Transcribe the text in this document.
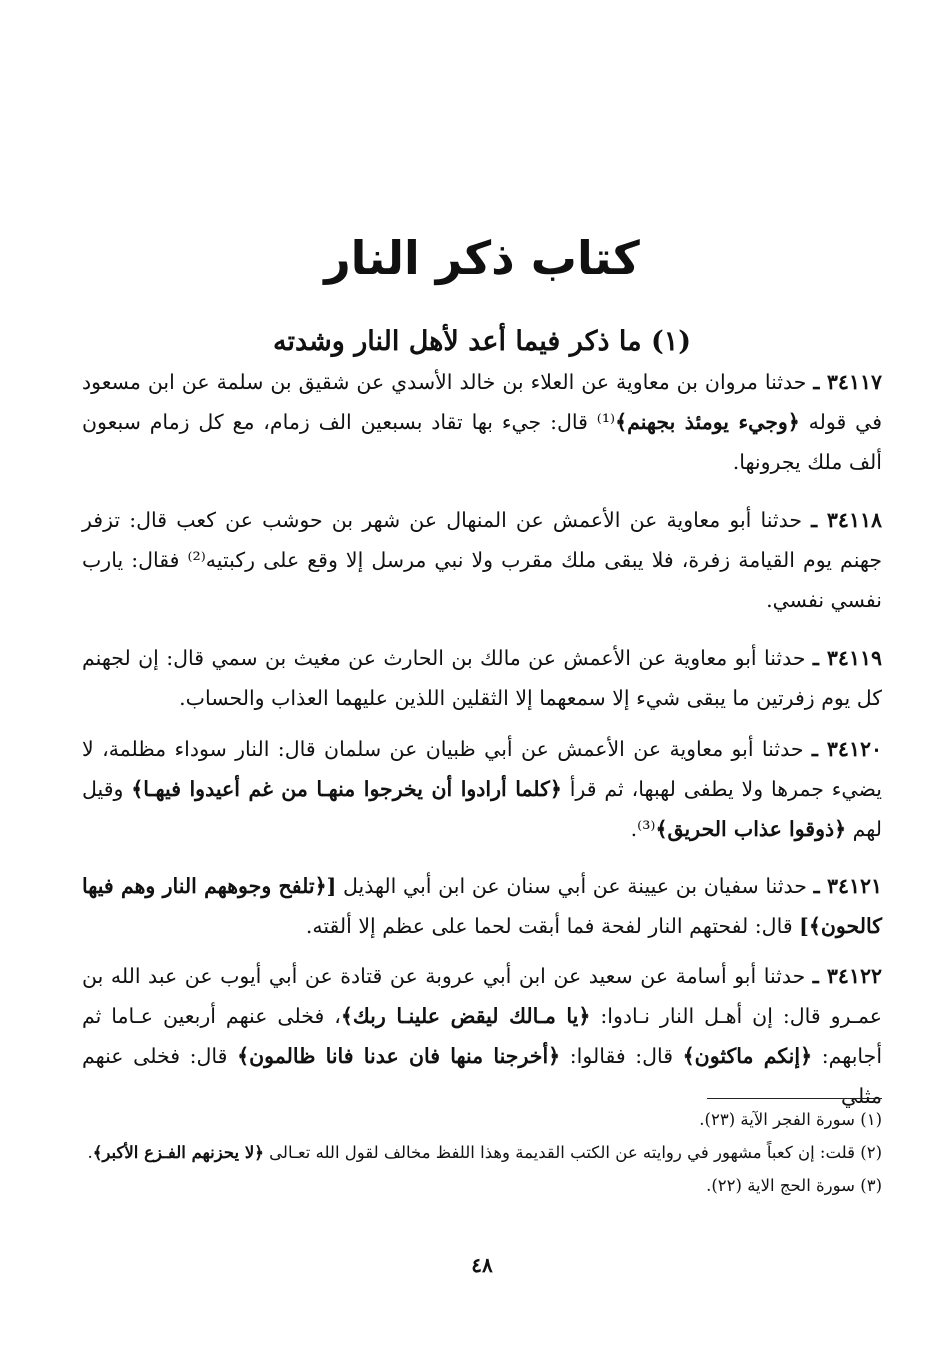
كتاب ذكر النار
(١) ما ذكر فيما أعد لأهل النار وشدته

٣٤١١٧ ـ حدثنا مروان بن معاوية عن العلاء بن خالد الأسدي عن شقيق بن سلمة عن ابن مسعود في قوله ﴿وجيء يومئذ بجهنم﴾⁽¹⁾ قال: جيء بها تقاد بسبعين الف زمام، مع كل زمام سبعون ألف ملك يجرونها.

٣٤١١٨ ـ حدثنا أبو معاوية عن الأعمش عن المنهال عن شهر بن حوشب عن كعب قال: تزفر جهنم يوم القيامة زفرة، فلا يبقى ملك مقرب ولا نبي مرسل إلا وقع على ركبتيه⁽²⁾ فقال: يارب نفسي نفسي.

٣٤١١٩ ـ حدثنا أبو معاوية عن الأعمش عن مالك بن الحارث عن مغيث بن سمي قال: إن لجهنم كل يوم زفرتين ما يبقى شيء إلا سمعهما إلا الثقلين اللذين عليهما العذاب والحساب.

٣٤١٢٠ ـ حدثنا أبو معاوية عن الأعمش عن أبي ظبيان عن سلمان قال: النار سوداء مظلمة، لا يضيء جمرها ولا يطفى لهبها، ثم قرأ ﴿كلما أرادوا أن يخرجوا منهـا من غم أعيدوا فيهـا﴾ وقيل لهم ﴿ذوقوا عذاب الحريق﴾⁽³⁾.

٣٤١٢١ ـ حدثنا سفيان بن عيينة عن أبي سنان عن ابن أبي الهذيل [﴿تلفح وجوههم النار وهم فيها كالحون﴾] قال: لفحتهم النار لفحة فما أبقت لحما على عظم إلا ألقته.

٣٤١٢٢ ـ حدثنا أبو أسامة عن سعيد عن ابن أبي عروبة عن قتادة عن أبي أيوب عن عبد الله بن عمـرو قال: إن أهـل النار نـادوا: ﴿يا مـالك ليقض علينـا ربك﴾، فخلى عنهم أربعين عـاما ثم أجابهم: ﴿إنكم ماكثون﴾ قال: فقالوا: ﴿أخرجنا منها فان عدنا فانا ظالمون﴾ قال: فخلى عنهم مثلي

(١) سورة الفجر الآية (٢٣).
(٢) قلت: إن كعباً مشهور في روايته عن الكتب القديمة وهذا اللفظ مخالف لقول الله تعـالى ﴿لا يحزنهم الفـزع الأكبر﴾.
(٣) سورة الحج الاية (٢٢).
٤٨
